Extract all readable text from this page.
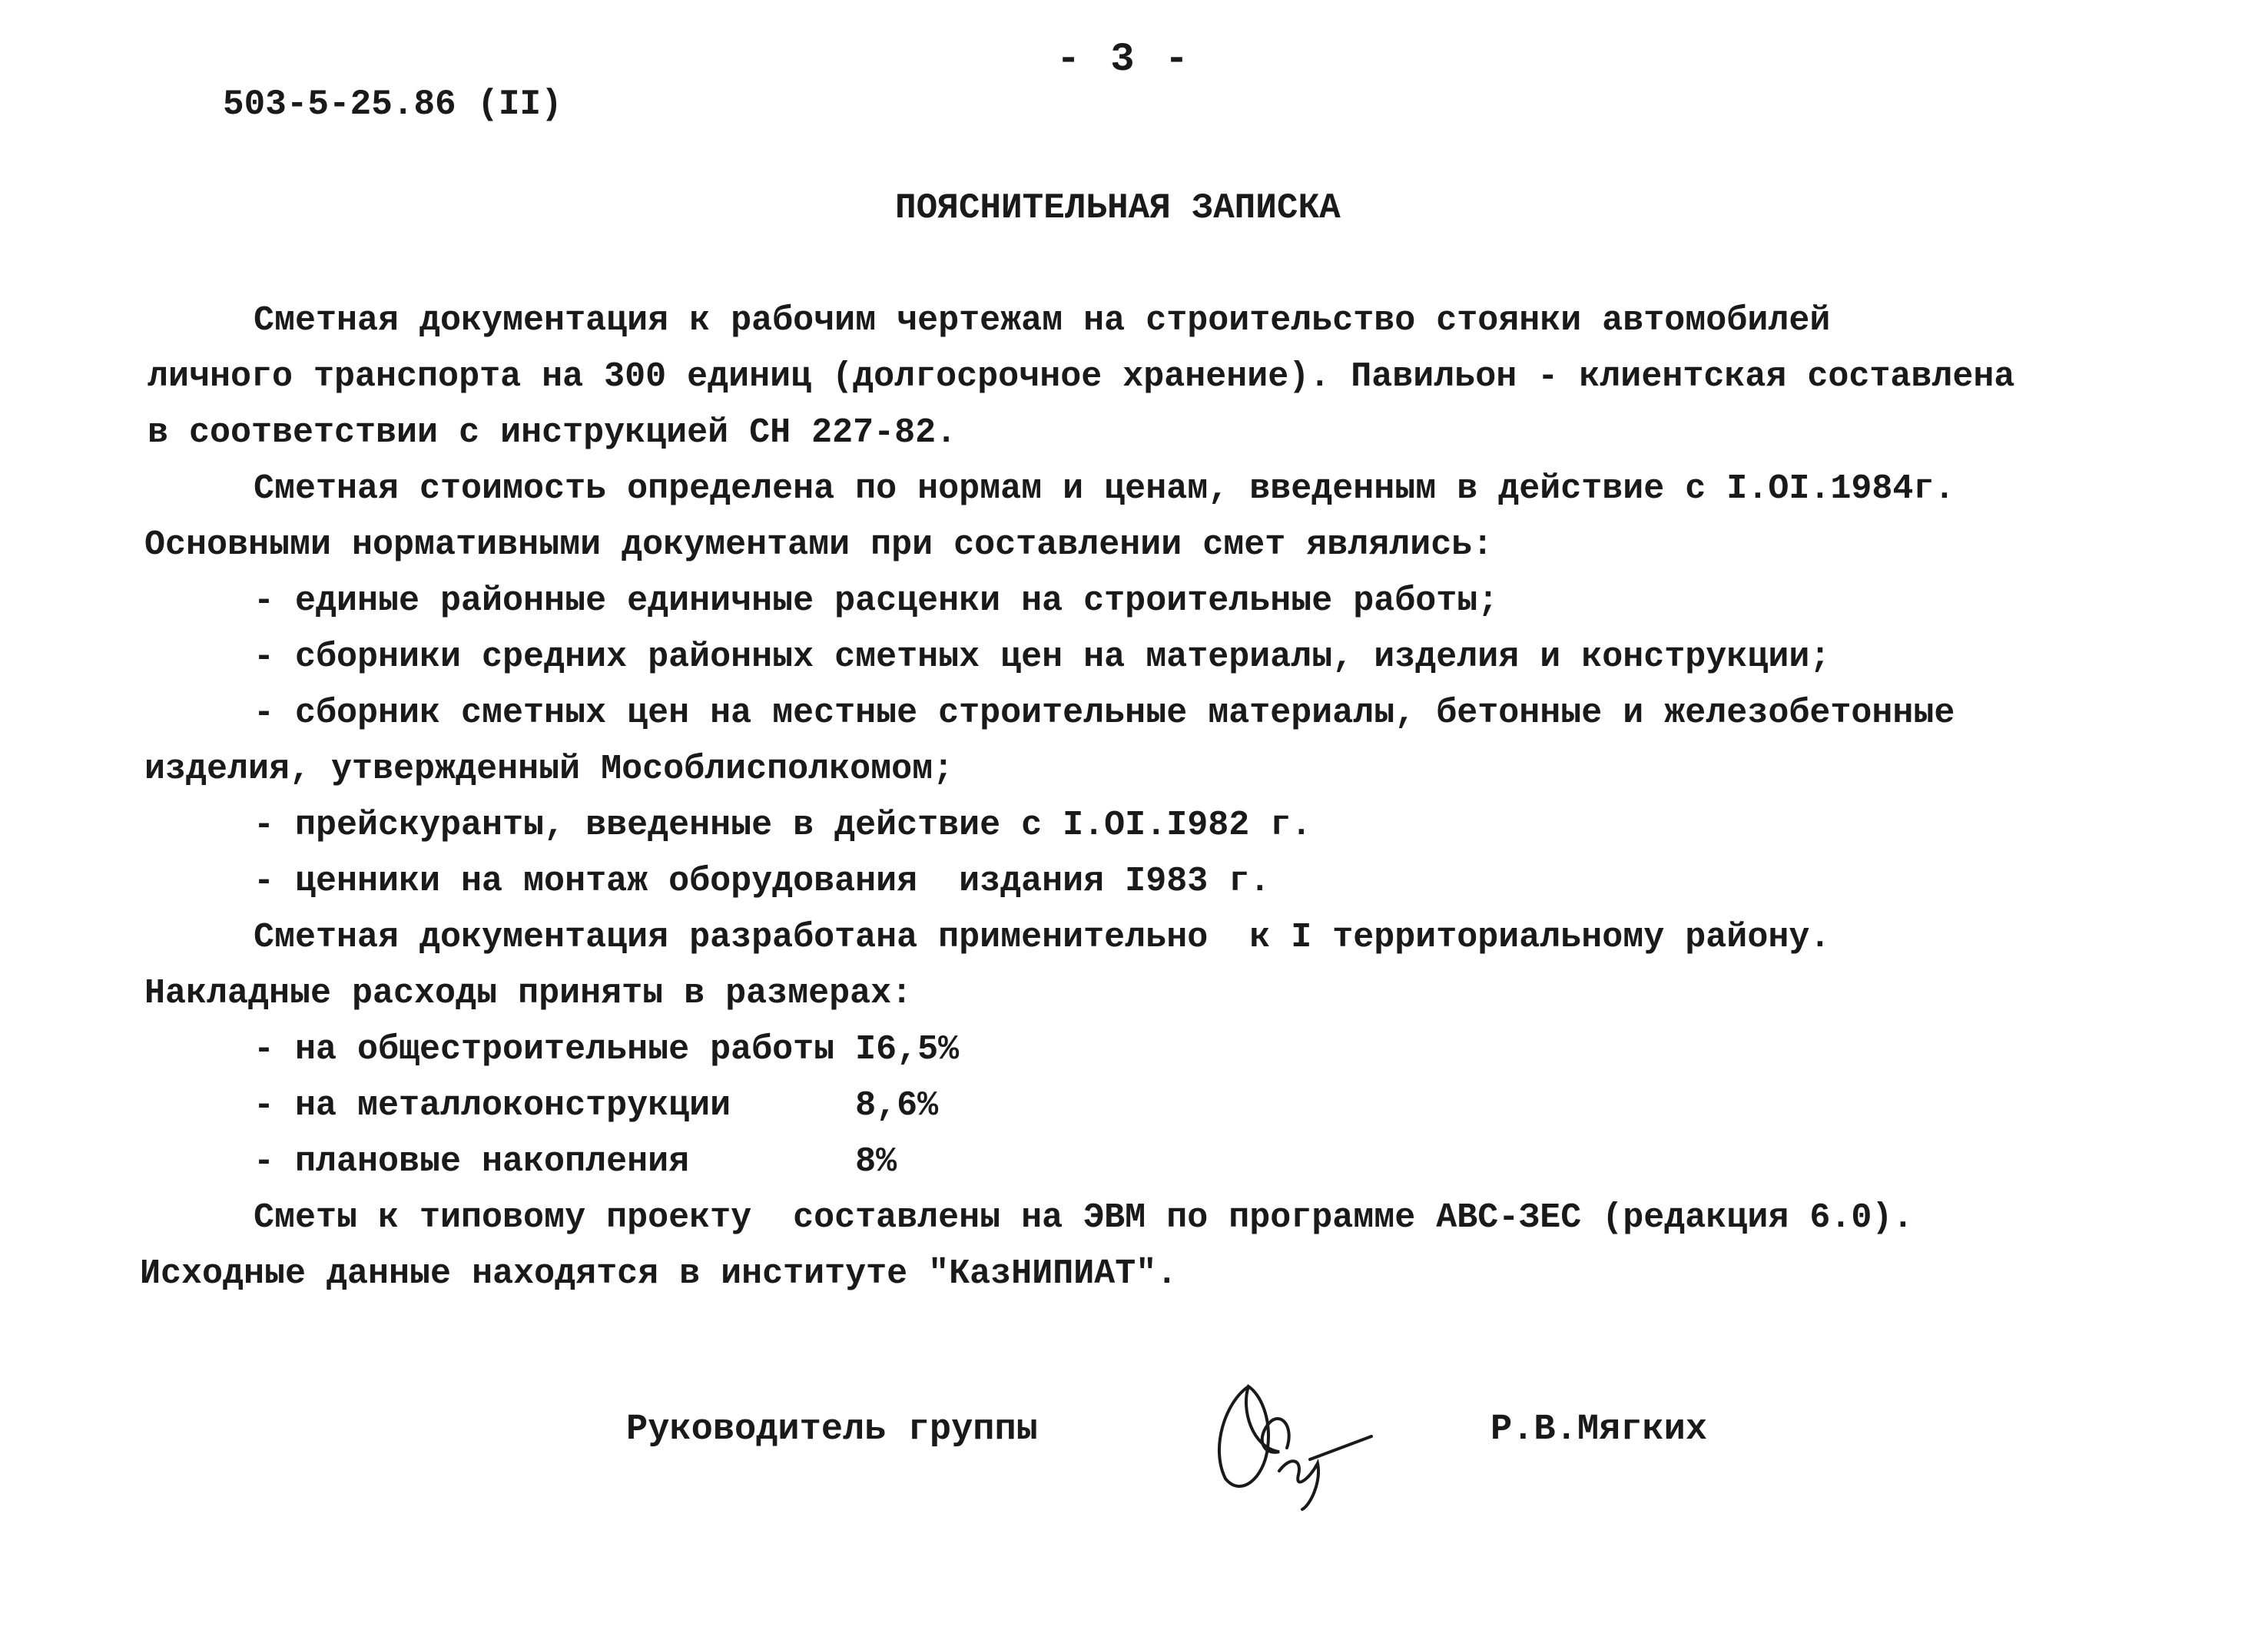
- 3 -
503-5-25.86 (II)
ПОЯСНИТЕЛЬНАЯ ЗАПИСКА
Сметная документация к рабочим чертежам на строительство стоянки автомобилей
личного транспорта на 300 единиц (долгосрочное хранение). Павильон - клиентская составлена
в соответствии с инструкцией СН 227-82.
Сметная стоимость определена по нормам и ценам, введенным в действие с I.OI.1984г.
Основными нормативными документами при составлении смет являлись:
- единые районные единичные расценки на строительные работы;
- сборники средних районных сметных цен на материалы, изделия и конструкции;
- сборник сметных цен на местные строительные материалы, бетонные и железобетонные
изделия, утвержденный Мособлисполкомом;
- прейскуранты, введенные в действие с I.OI.I982 г.
- ценники на монтаж оборудования  издания I983 г.
Сметная документация разработана применительно  к I территориальному району.
Накладные расходы приняты в размерах:
- на общестроительные работы I6,5%
- на металлоконструкции      8,6%
- плановые накопления        8%
Сметы к типовому проекту  составлены на ЭВМ по программе АВС-ЗЕС (редакция 6.0).
Исходные данные находятся в институте "КазНИПИАТ".
Руководитель группы	Р.В.Мягких
